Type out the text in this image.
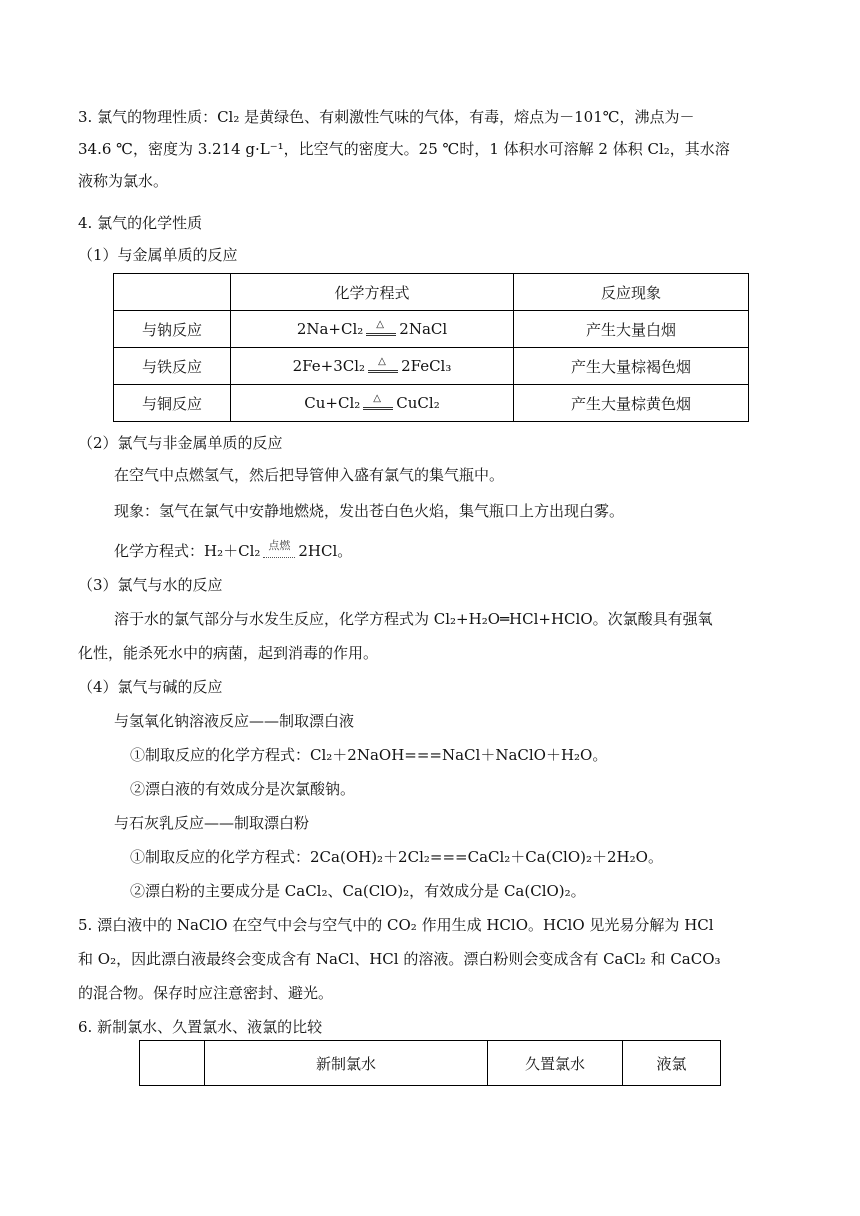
3. 氯气的物理性质：Cl₂ 是黄绿色、有刺激性气味的气体，有毒，熔点为－101℃，沸点为－
34.6 ℃，密度为 3.214 g·L⁻¹，比空气的密度大。25 ℃时，1 体积水可溶解 2 体积 Cl₂，其水溶
液称为氯水。
4. 氯气的化学性质
（1）与金属单质的反应
	化学方程式	反应现象
与钠反应	2Na+Cl₂ △ 2NaCl	产生大量白烟
与铁反应	2Fe+3Cl₂ △ 2FeCl₃	产生大量棕褐色烟
与铜反应	Cu+Cl₂ △ CuCl₂	产生大量棕黄色烟
（2）氯气与非金属单质的反应
在空气中点燃氢气，然后把导管伸入盛有氯气的集气瓶中。
现象：氢气在氯气中安静地燃烧，发出苍白色火焰，集气瓶口上方出现白雾。
化学方程式：H₂＋Cl₂ 点燃 2HCl。
（3）氯气与水的反应
溶于水的氯气部分与水发生反应，化学方程式为 Cl₂+H₂O═HCl+HClO。次氯酸具有强氧
化性，能杀死水中的病菌，起到消毒的作用。
（4）氯气与碱的反应
与氢氧化钠溶液反应——制取漂白液
①制取反应的化学方程式：Cl₂＋2NaOH===NaCl＋NaClO＋H₂O。
②漂白液的有效成分是次氯酸钠。
与石灰乳反应——制取漂白粉
①制取反应的化学方程式：2Ca(OH)₂＋2Cl₂===CaCl₂＋Ca(ClO)₂＋2H₂O。
②漂白粉的主要成分是 CaCl₂、Ca(ClO)₂，有效成分是 Ca(ClO)₂。
5. 漂白液中的 NaClO 在空气中会与空气中的 CO₂ 作用生成 HClO。HClO 见光易分解为 HCl
和 O₂，因此漂白液最终会变成含有 NaCl、HCl 的溶液。漂白粉则会变成含有 CaCl₂ 和 CaCO₃
的混合物。保存时应注意密封、避光。
6. 新制氯水、久置氯水、液氯的比较
	新制氯水	久置氯水	液氯
